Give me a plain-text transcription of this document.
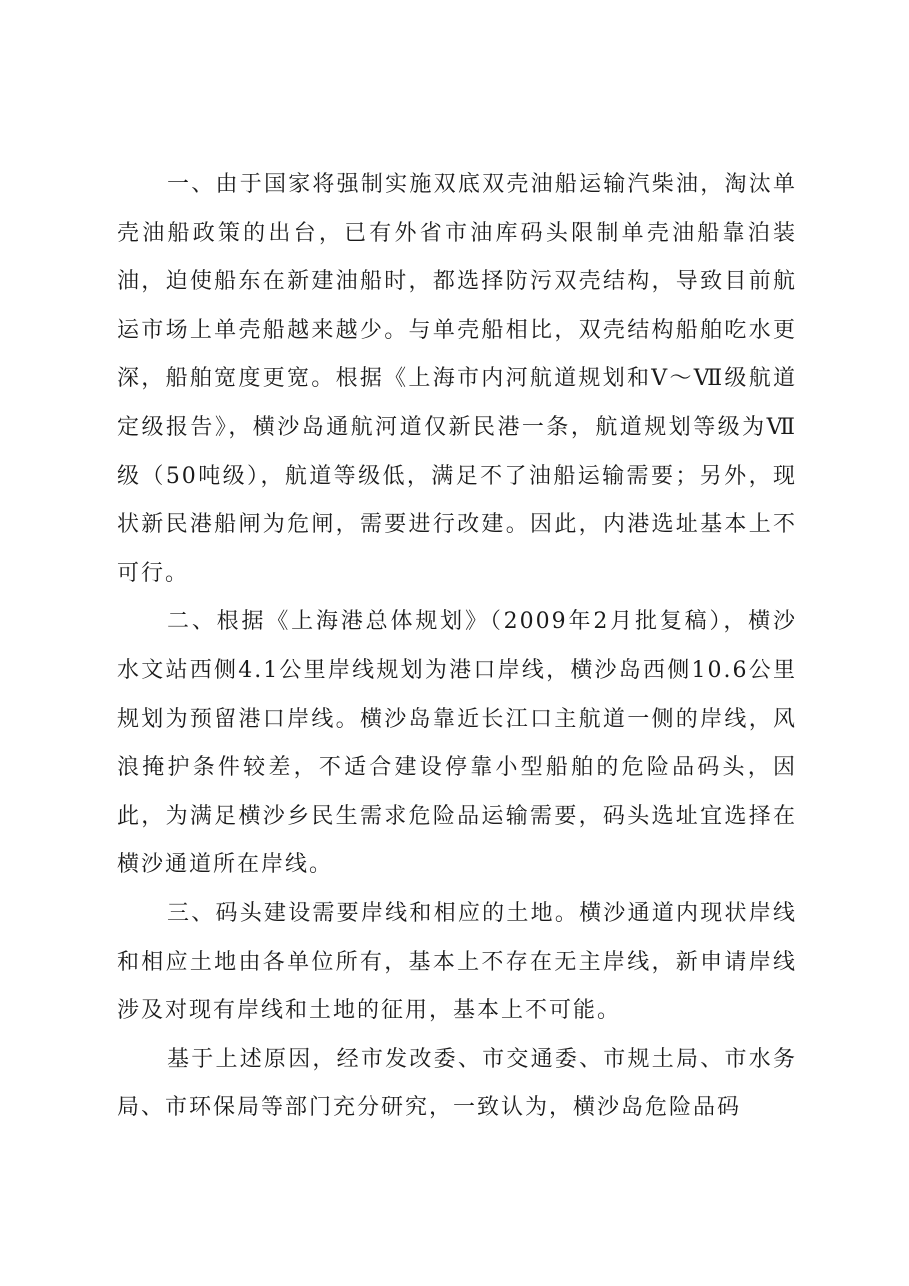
一、由于国家将强制实施双底双壳油船运输汽柴油，淘汰单壳油船政策的出台，已有外省市油库码头限制单壳油船靠泊装油，迫使船东在新建油船时，都选择防污双壳结构，导致目前航运市场上单壳船越来越少。与单壳船相比，双壳结构船舶吃水更深，船舶宽度更宽。根据《上海市内河航道规划和Ⅴ～Ⅶ级航道定级报告》，横沙岛通航河道仅新民港一条，航道规划等级为Ⅶ级（50吨级），航道等级低，满足不了油船运输需要；另外，现状新民港船闸为危闸，需要进行改建。因此，内港选址基本上不可行。

二、根据《上海港总体规划》（2009年2月批复稿），横沙水文站西侧4.1公里岸线规划为港口岸线，横沙岛西侧10.6公里规划为预留港口岸线。横沙岛靠近长江口主航道一侧的岸线，风浪掩护条件较差，不适合建设停靠小型船舶的危险品码头，因此，为满足横沙乡民生需求危险品运输需要，码头选址宜选择在横沙通道所在岸线。

三、码头建设需要岸线和相应的土地。横沙通道内现状岸线和相应土地由各单位所有，基本上不存在无主岸线，新申请岸线涉及对现有岸线和土地的征用，基本上不可能。

基于上述原因，经市发改委、市交通委、市规土局、市水务局、市环保局等部门充分研究，一致认为，横沙岛危险品码
